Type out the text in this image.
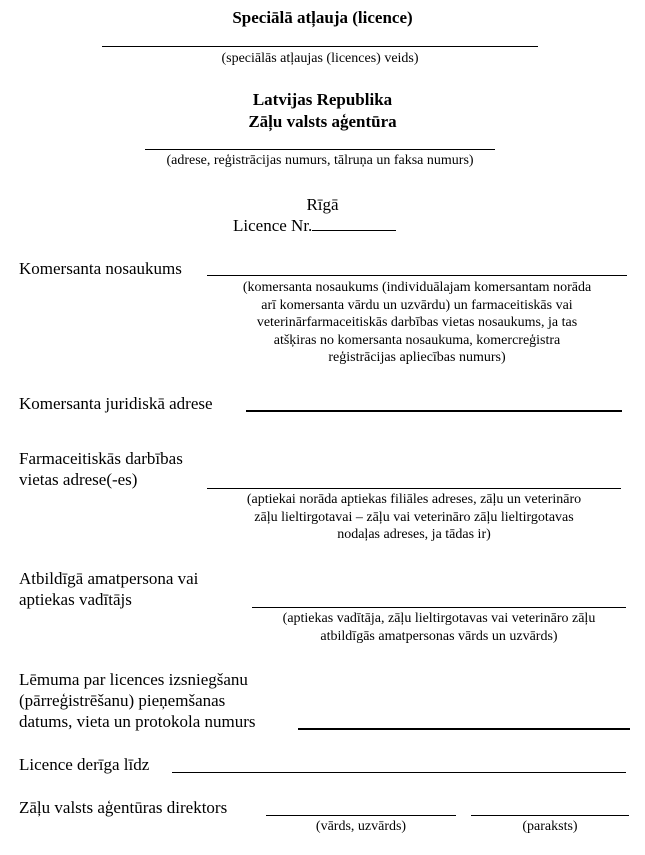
Speciālā atļauja (licence)
(speciālās atļaujas (licences) veids)
Latvijas Republika
Zāļu valsts aģentūra
(adrese, reģistrācijas numurs, tālruņa un faksa numurs)
Rīgā
Licence Nr.
Komersanta nosaukums
(komersanta nosaukums (individuālajam komersantam norāda
arī komersanta vārdu un uzvārdu) un farmaceitiskās vai
veterinārfarmaceitiskās darbības vietas nosaukums, ja tas
atšķiras no komersanta nosaukuma, komercreģistra
reģistrācijas apliecības numurs)
Komersanta juridiskā adrese
Farmaceitiskās darbības
vietas adrese(-es)
(aptiekai norāda aptiekas filiāles adreses, zāļu un veterināro
zāļu lieltirgotavai – zāļu vai veterināro zāļu lieltirgotavas
nodaļas adreses, ja tādas ir)
Atbildīgā amatpersona vai
aptiekas vadītājs
(aptiekas vadītāja, zāļu lieltirgotavas vai veterināro zāļu
atbildīgās amatpersonas vārds un uzvārds)
Lēmuma par licences izsniegšanu
(pārreģistrēšanu) pieņemšanas
datums, vieta un protokola numurs
Licence derīga līdz
Zāļu valsts aģentūras direktors
(vārds, uzvārds)	(paraksts)
